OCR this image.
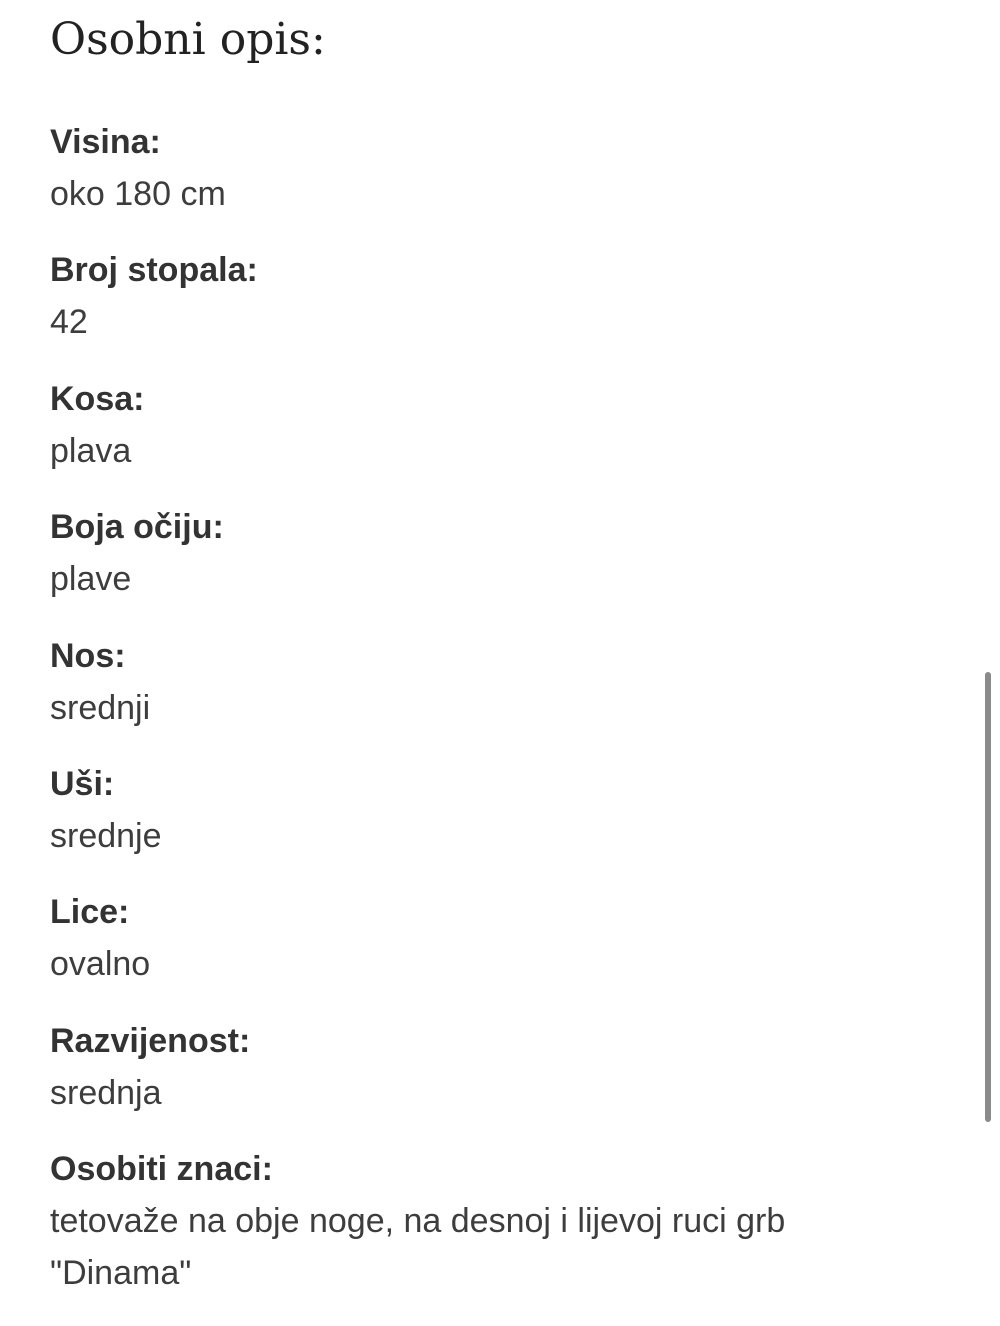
Osobni opis:
Visina:
oko 180 cm
Broj stopala:
42
Kosa:
plava
Boja očiju:
plave
Nos:
srednji
Uši:
srednje
Lice:
ovalno
Razvijenost:
srednja
Osobiti znaci:
tetovaže na obje noge, na desnoj i lijevoj ruci grb "Dinama"
